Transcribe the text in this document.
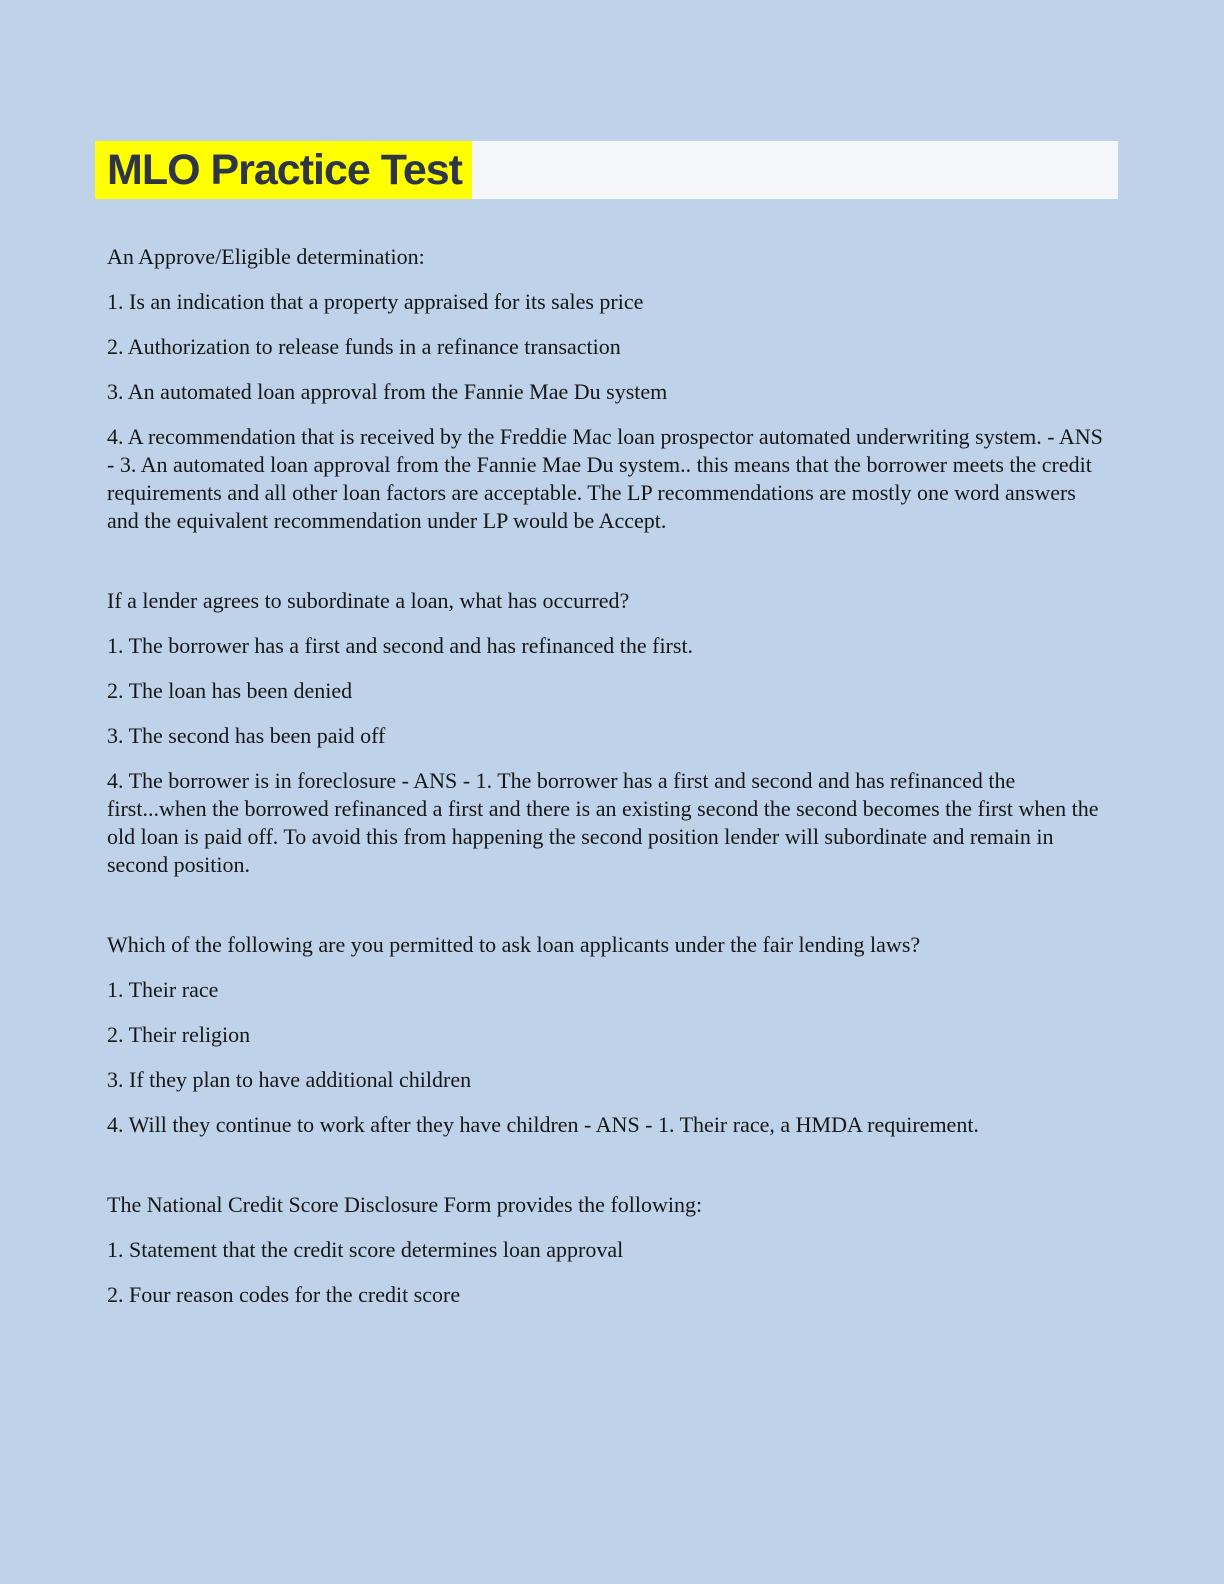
MLO Practice Test

An Approve/Eligible determination:

1. Is an indication that a property appraised for its sales price

2. Authorization to release funds in a refinance transaction

3. An automated loan approval from the Fannie Mae Du system

4. A recommendation that is received by the Freddie Mac loan prospector automated underwriting system. - ANS - 3. An automated loan approval from the Fannie Mae Du system.. this means that the borrower meets the credit requirements and all other loan factors are acceptable. The LP recommendations are mostly one word answers and the equivalent recommendation under LP would be Accept.

If a lender agrees to subordinate a loan, what has occurred?

1. The borrower has a first and second and has refinanced the first.

2. The loan has been denied

3. The second has been paid off

4. The borrower is in foreclosure - ANS - 1. The borrower has a first and second and has refinanced the first...when the borrowed refinanced a first and there is an existing second the second becomes the first when the old loan is paid off. To avoid this from happening the second position lender will subordinate and remain in second position.

Which of the following are you permitted to ask loan applicants under the fair lending laws?

1. Their race

2. Their religion

3. If they plan to have additional children

4. Will they continue to work after they have children - ANS - 1. Their race, a HMDA requirement.

The National Credit Score Disclosure Form provides the following:

1. Statement that the credit score determines loan approval

2. Four reason codes for the credit score
